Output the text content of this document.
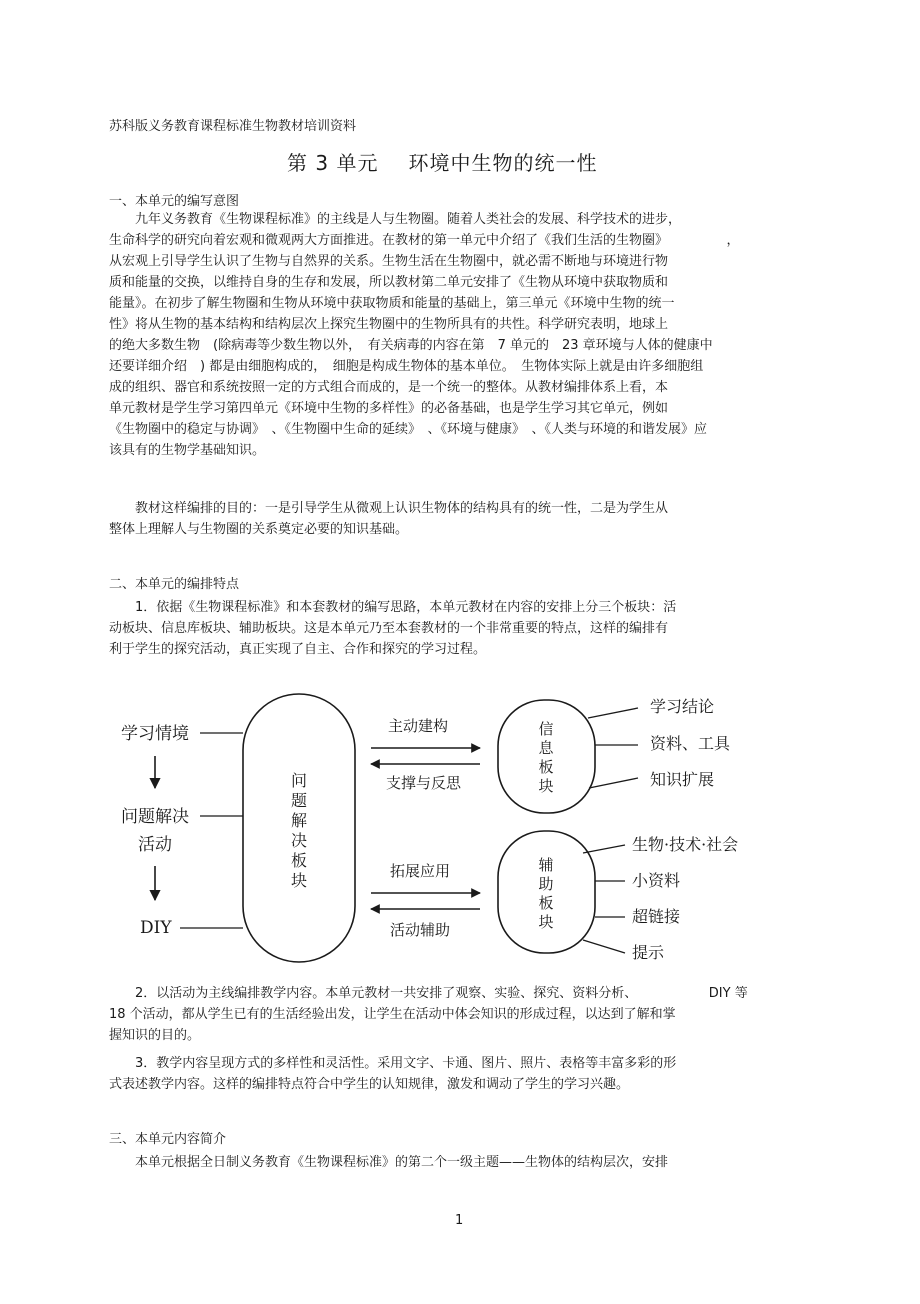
苏科版义务教育课程标准生物教材培训资料
第 3 单元 环境中生物的统一性
一、本单元的编写意图
　　九年义务教育《生物课程标准》的主线是人与生物圈。随着人类社会的发展、科学技术的进步，
生命科学的研究向着宏观和微观两大方面推进。在教材的第一单元中介绍了《我们生活的生物圈》　　　　　，
从宏观上引导学生认识了生物与自然界的关系。生物生活在生物圈中，就必需不断地与环境进行物
质和能量的交换，以维持自身的生存和发展，所以教材第二单元安排了《生物从环境中获取物质和
能量》。在初步了解生物圈和生物从环境中获取物质和能量的基础上，第三单元《环境中生物的统一
性》将从生物的基本结构和结构层次上探究生物圈中的生物所具有的共性。科学研究表明，地球上
的绝大多数生物　(除病毒等少数生物以外，　有关病毒的内容在第　7 单元的　23 章环境与人体的健康中
还要详细介绍　) 都是由细胞构成的，　细胞是构成生物体的基本单位。　生物体实际上就是由许多细胞组
成的组织、器官和系统按照一定的方式组合而成的，是一个统一的整体。从教材编排体系上看，本
单元教材是学生学习第四单元《环境中生物的多样性》的必备基础，也是学生学习其它单元，例如
《生物圈中的稳定与协调》　、《生物圈中生命的延续》　、《环境与健康》　、《人类与环境的和谐发展》应
该具有的生物学基础知识。
　　教材这样编排的目的：一是引导学生从微观上认识生物体的结构具有的统一性，二是为学生从
整体上理解人与生物圈的关系奠定必要的知识基础。
二、本单元的编排特点
　　1．依据《生物课程标准》和本套教材的编写思路，本单元教材在内容的安排上分三个板块：活
动板块、信息库板块、辅助板块。这是本单元乃至本套教材的一个非常重要的特点，这样的编排有
利于学生的探究活动，真正实现了自主、合作和探究的学习过程。
学习情境
问题解决
活动
DIY
问
题
解
决
板
块
主动建构
支撑与反思
拓展应用
活动辅助
信
息
板
块
辅
助
板
块
学习结论
资料、工具
知识扩展
生物·技术·社会
小资料
超链接
提示
　　2．以活动为主线编排教学内容。本单元教材一共安排了观察、实验、探究、资料分析、　　　　　　DIY 等
18 个活动，都从学生已有的生活经验出发，让学生在活动中体会知识的形成过程，以达到了解和掌
握知识的目的。
　　3．教学内容呈现方式的多样性和灵活性。采用文字、卡通、图片、照片、表格等丰富多彩的形
式表述教学内容。这样的编排特点符合中学生的认知规律，激发和调动了学生的学习兴趣。
三、本单元内容简介
　　本单元根据全日制义务教育《生物课程标准》的第二个一级主题——生物体的结构层次，安排
1
